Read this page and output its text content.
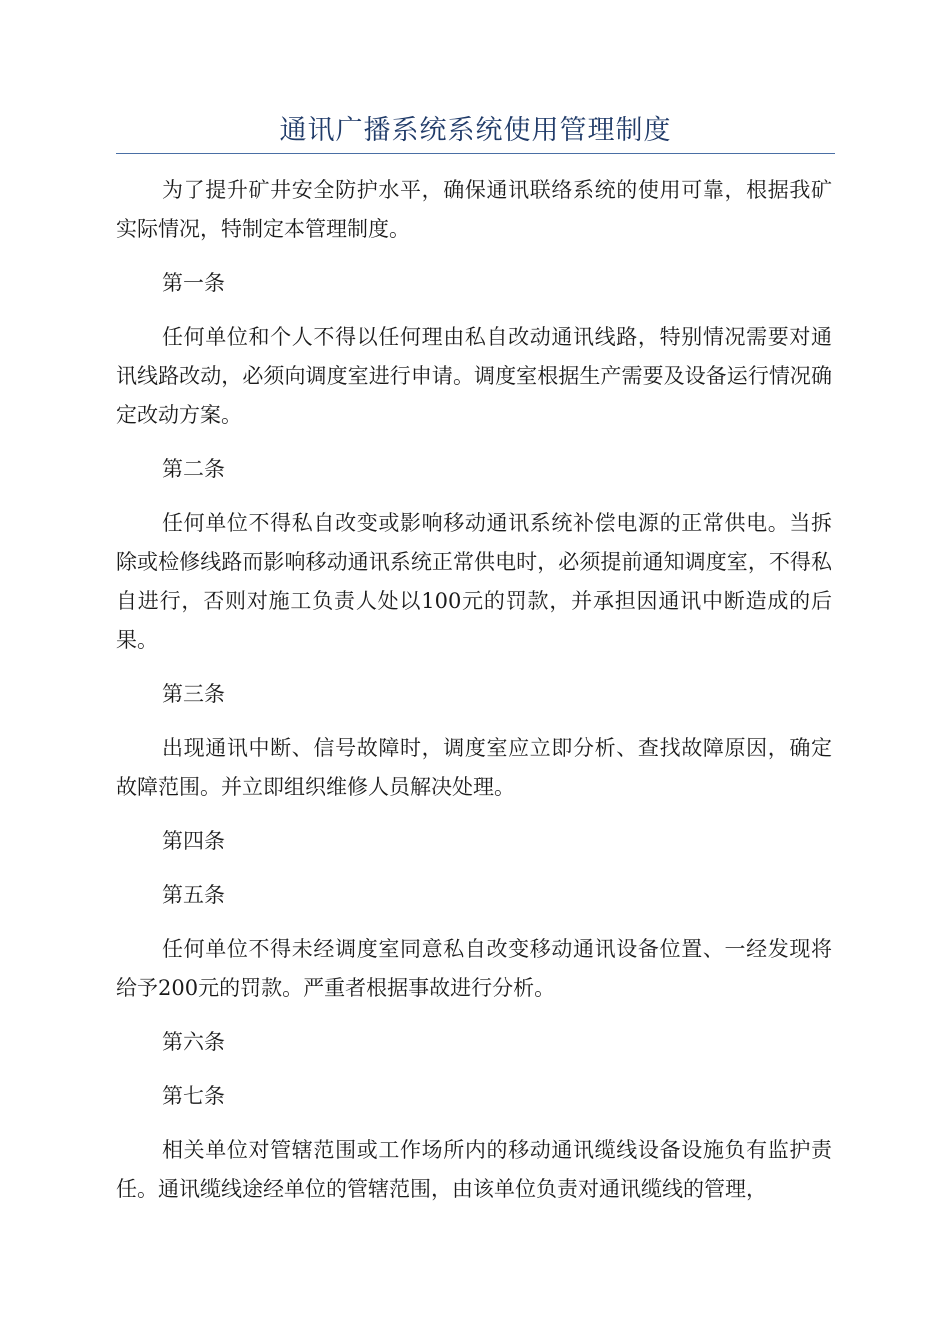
通讯广播系统系统使用管理制度

为了提升矿井安全防护水平，确保通讯联络系统的使用可靠，根据我矿实际情况，特制定本管理制度。

第一条

任何单位和个人不得以任何理由私自改动通讯线路，特别情况需要对通讯线路改动，必须向调度室进行申请。调度室根据生产需要及设备运行情况确定改动方案。

第二条

任何单位不得私自改变或影响移动通讯系统补偿电源的正常供电。当拆除或检修线路而影响移动通讯系统正常供电时，必须提前通知调度室，不得私自进行，否则对施工负责人处以100元的罚款，并承担因通讯中断造成的后果。

第三条

出现通讯中断、信号故障时，调度室应立即分析、查找故障原因，确定故障范围。并立即组织维修人员解决处理。

第四条

第五条

任何单位不得未经调度室同意私自改变移动通讯设备位置、一经发现将给予200元的罚款。严重者根据事故进行分析。

第六条

第七条

相关单位对管辖范围或工作场所内的移动通讯缆线设备设施负有监护责任。通讯缆线途经单位的管辖范围，由该单位负责对通讯缆线的管理，
